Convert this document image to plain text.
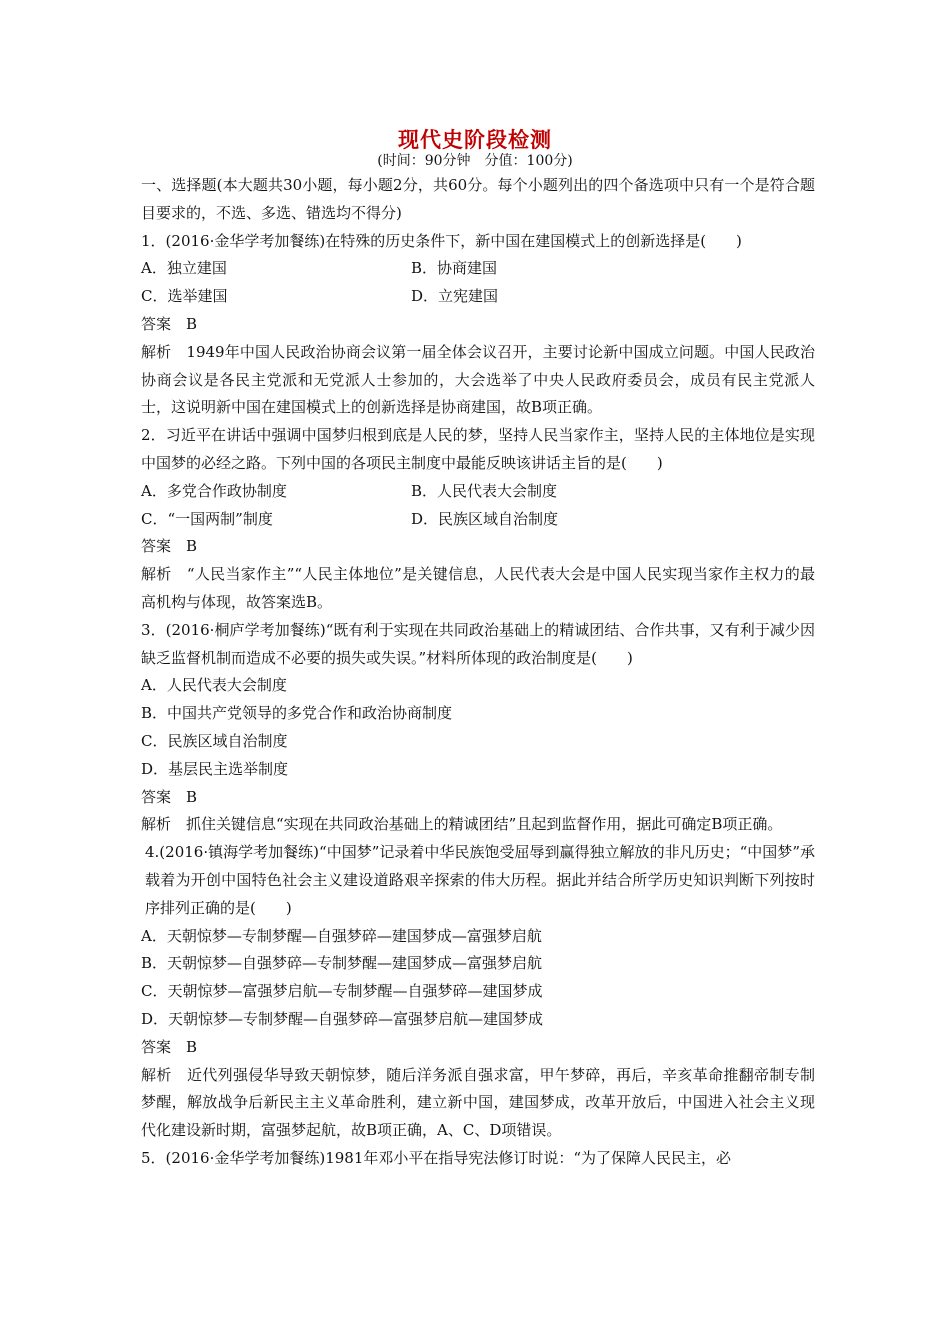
现代史阶段检测
(时间：90分钟　分值：100分)

一、选择题(本大题共30小题，每小题2分，共60分。每个小题列出的四个备选项中只有一个是符合题目要求的，不选、多选、错选均不得分)

1．(2016·金华学考加餐练)在特殊的历史条件下，新中国在建国模式上的创新选择是(　　)

A．独立建国	B．协商建国
C．选举建国	D．立宪建国

答案　B

解析　1949年中国人民政治协商会议第一届全体会议召开，主要讨论新中国成立问题。中国人民政治协商会议是各民主党派和无党派人士参加的，大会选举了中央人民政府委员会，成员有民主党派人士，这说明新中国在建国模式上的创新选择是协商建国，故B项正确。

2．习近平在讲话中强调中国梦归根到底是人民的梦，坚持人民当家作主，坚持人民的主体地位是实现中国梦的必经之路。下列中国的各项民主制度中最能反映该讲话主旨的是(　　)

A．多党合作政协制度	B．人民代表大会制度
C．“一国两制”制度	D．民族区域自治制度

答案　B

解析　“人民当家作主”“人民主体地位”是关键信息，人民代表大会是中国人民实现当家作主权力的最高机构与体现，故答案选B。

3．(2016·桐庐学考加餐练)“既有利于实现在共同政治基础上的精诚团结、合作共事，又有利于减少因缺乏监督机制而造成不必要的损失或失误。”材料所体现的政治制度是(　　)

A．人民代表大会制度

B．中国共产党领导的多党合作和政治协商制度

C．民族区域自治制度

D．基层民主选举制度

答案　B

解析　抓住关键信息“实现在共同政治基础上的精诚团结”且起到监督作用，据此可确定B项正确。

4.(2016·镇海学考加餐练)“中国梦”记录着中华民族饱受屈辱到赢得独立解放的非凡历史；“中国梦”承载着为开创中国特色社会主义建设道路艰辛探索的伟大历程。据此并结合所学历史知识判断下列按时序排列正确的是(　　)

A．天朝惊梦—专制梦醒—自强梦碎—建国梦成—富强梦启航

B．天朝惊梦—自强梦碎—专制梦醒—建国梦成—富强梦启航

C．天朝惊梦—富强梦启航—专制梦醒—自强梦碎—建国梦成

D．天朝惊梦—专制梦醒—自强梦碎—富强梦启航—建国梦成

答案　B

解析　近代列强侵华导致天朝惊梦，随后洋务派自强求富，甲午梦碎，再后，辛亥革命推翻帝制专制梦醒，解放战争后新民主主义革命胜利，建立新中国，建国梦成，改革开放后，中国进入社会主义现代化建设新时期，富强梦起航，故B项正确，A、C、D项错误。

5．(2016·金华学考加餐练)1981年邓小平在指导宪法修订时说：“为了保障人民民主，必
